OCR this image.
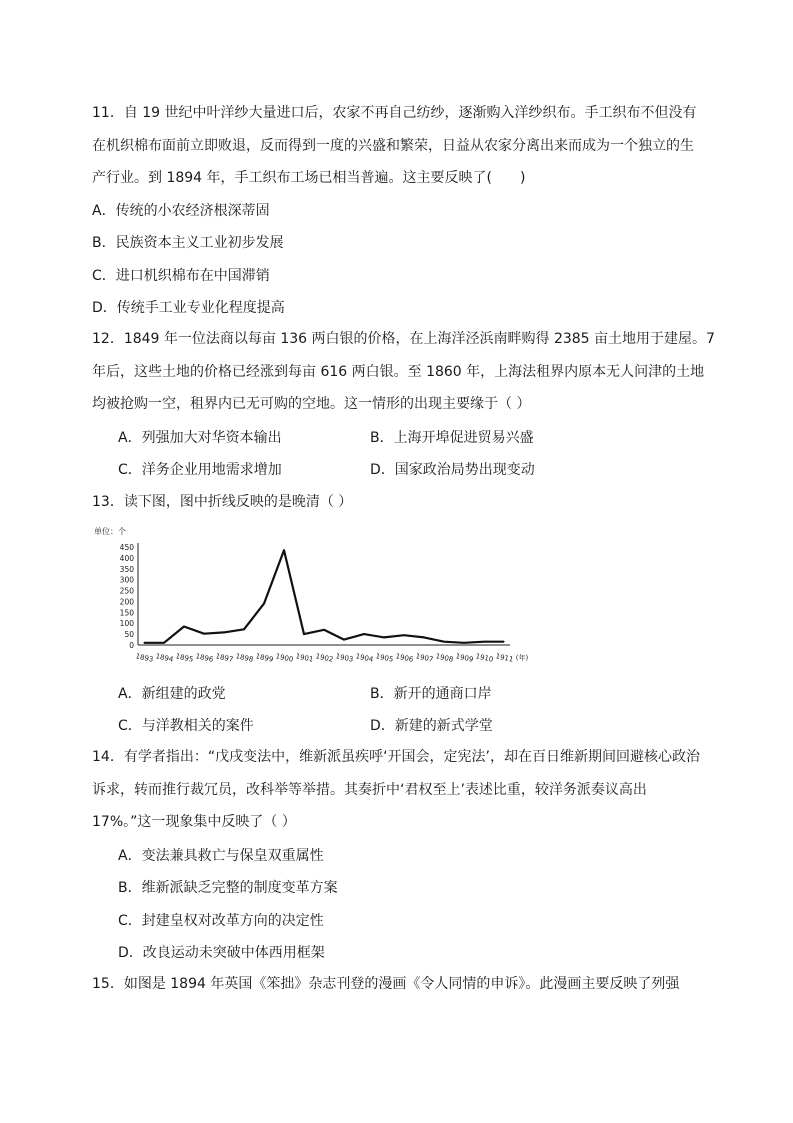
11．自 19 世纪中叶洋纱大量进口后，农家不再自己纺纱，逐渐购入洋纱织布。手工织布不但没有
在机织棉布面前立即败退，反而得到一度的兴盛和繁荣，日益从农家分离出来而成为一个独立的生
产行业。到 1894 年，手工织布工场已相当普遍。这主要反映了(　　)
A．传统的小农经济根深蒂固
B．民族资本主义工业初步发展
C．进口机织棉布在中国滞销
D．传统手工业专业化程度提高
12．1849 年一位法商以每亩 136 两白银的价格，在上海洋泾浜南畔购得 2385 亩土地用于建屋。7
年后，这些土地的价格已经涨到每亩 616 两白银。至 1860 年，上海法租界内原本无人问津的土地
均被抢购一空，租界内已无可购的空地。这一情形的出现主要缘于（ ）
A．列强加大对华资本输出	B．上海开埠促进贸易兴盛
C．洋务企业用地需求增加	D．国家政治局势出现变动
13．读下图，图中折线反映的是晚清（ ）
0
50
100
150
200
250
300
350
400
450
1893 1894 1895 1896 1897 1898 1899 1900 1901 1902 1903 1904 1905 1906 1907 1908 1909 1910 1911 (年)
单位：个
A．新组建的政党	B．新开的通商口岸
C．与洋教相关的案件	D．新建的新式学堂
14．有学者指出：“戊戌变法中，维新派虽疾呼‘开国会，定宪法’，却在百日维新期间回避核心政治
诉求，转而推行裁冗员，改科举等举措。其奏折中‘君权至上’表述比重，较洋务派奏议高出
17%。”这一现象集中反映了（ ）
A．变法兼具救亡与保皇双重属性
B．维新派缺乏完整的制度变革方案
C．封建皇权对改革方向的决定性
D．改良运动未突破中体西用框架
15．如图是 1894 年英国《笨拙》杂志刊登的漫画《令人同情的申诉》。此漫画主要反映了列强
